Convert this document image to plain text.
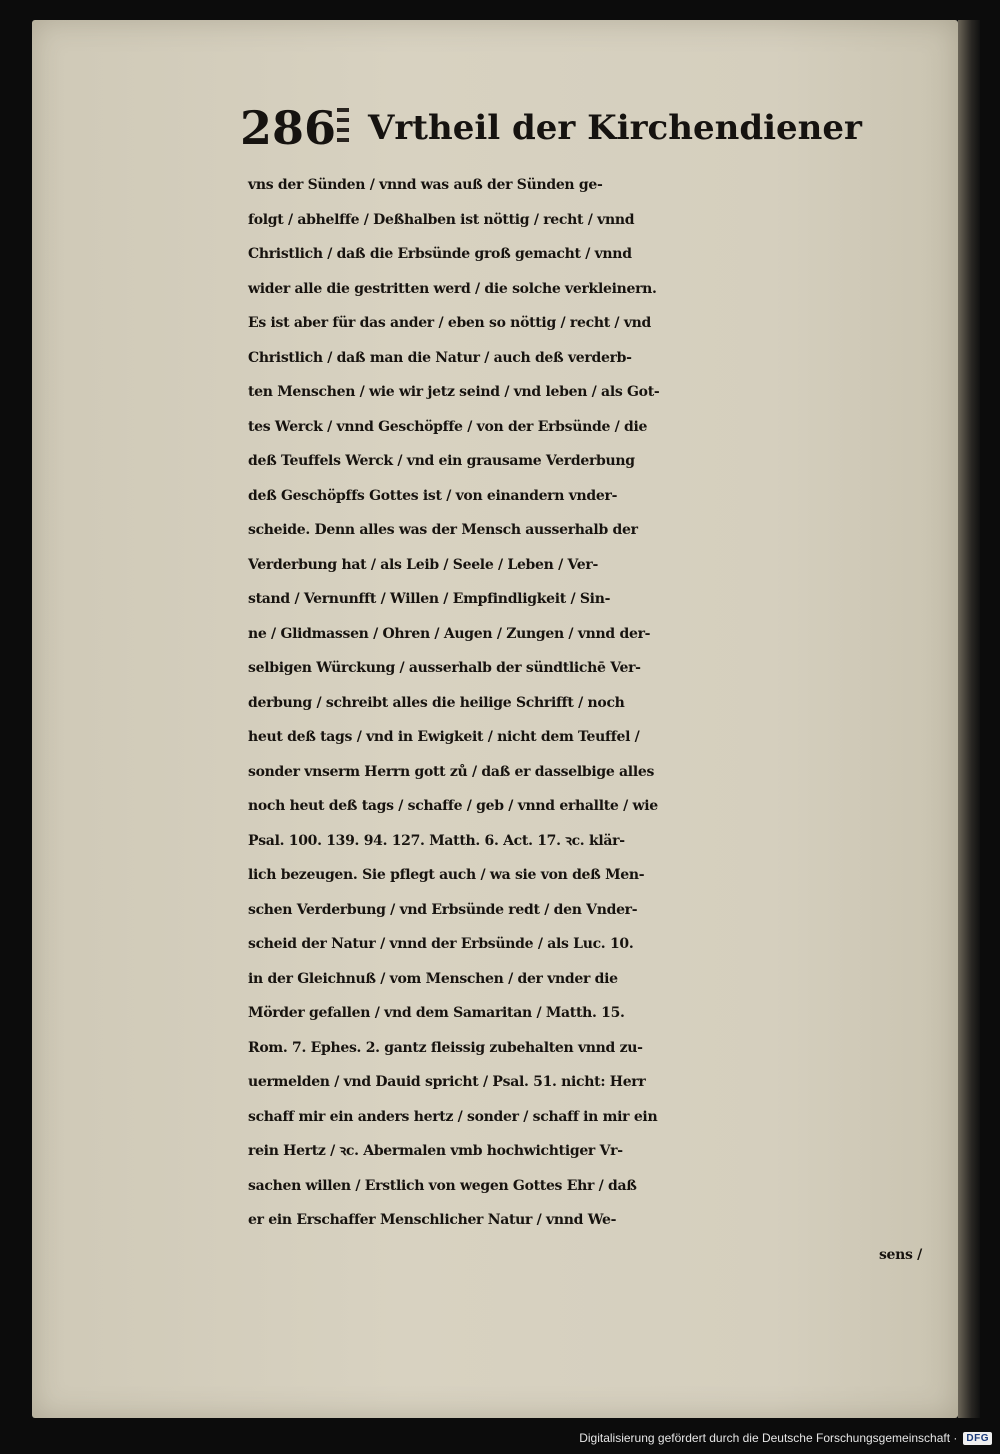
286 Vrtheil der Kirchendiener
vns der Sünden / vnnd was auß der Sünden ge-
folgt / abhelffe / Deßhalben ist nöttig / recht / vnnd
Christlich / daß die Erbsünde groß gemacht / vnnd
wider alle die gestritten werd / die solche verkleinern.
Es ist aber für das ander / eben so nöttig / recht / vnd
Christlich / daß man die Natur / auch deß verderb-
ten Menschen / wie wir jetz seind / vnd leben / als Got-
tes Werck / vnnd Geschöpffe / von der Erbsünde / die
deß Teuffels Werck / vnd ein grausame Verderbung
deß Geschöpffs Gottes ist / von einandern vnder-
scheide. Denn alles was der Mensch ausserhalb der
Verderbung hat / als Leib / Seele / Leben / Ver-
stand / Vernunfft / Willen / Empfindligkeit / Sin-
ne / Glidmassen / Ohren / Augen / Zungen / vnnd der-
selbigen Würckung / ausserhalb der sündtlichē Ver-
derbung / schreibt alles die heilige Schrifft / noch
heut deß tags / vnd in Ewigkeit / nicht dem Teuffel /
sonder vnserm Herrn gott zů / daß er dasselbige alles
noch heut deß tags / schaffe / geb / vnnd erhallte / wie
Psal. 100. 139. 94. 127. Matth. 6. Act. 17. ꝛc. klär-
lich bezeugen. Sie pflegt auch / wa sie von deß Men-
schen Verderbung / vnd Erbsünde redt / den Vnder-
scheid der Natur / vnnd der Erbsünde / als Luc. 10.
in der Gleichnuß / vom Menschen / der vnder die
Mörder gefallen / vnd dem Samaritan / Matth. 15.
Rom. 7. Ephes. 2. gantz fleissig zubehalten vnnd zu-
uermelden / vnd Dauid spricht / Psal. 51. nicht: Herr
schaff mir ein anders hertz / sonder / schaff in mir ein
rein Hertz / ꝛc. Abermalen vmb hochwichtiger Vr-
sachen willen / Erstlich von wegen Gottes Ehr / daß
er ein Erschaffer Menschlicher Natur / vnnd We-
sens /
Digitalisierung gefördert durch die Deutsche Forschungsgemeinschaft · DFG
